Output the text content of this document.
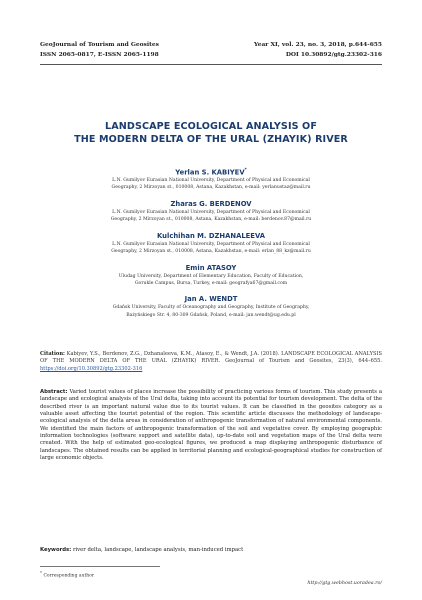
GeoJournal of Tourism and Geosites
ISSN 2065-0817, E-ISSN 2065-1198
Year XI, vol. 23, no. 3, 2018, p.644-655
DOI 10.30892/gtg.23302-316
LANDSCAPE ECOLOGICAL ANALYSIS OF
THE MODERN DELTA OF THE URAL (ZHAYIK) RIVER
Yerlan S. KABIYEV*
L.N. Gumilyov Eurasian National University, Department of Physical and Economical
Geography, 2 Mirzoyan st., 010008, Astana, Kazakhstan, e-mail: yerlanustaz@mail.ru
Zharas G. BERDENOV
L.N. Gumilyov Eurasian National University, Department of Physical and Economical
Geography, 2 Mirzoyan st., 010008, Astana, Kazakhstan, e-mail: berdenov.87@mail.ru
Kulchihan M. DZHANALEEVA
L.N. Gumilyov Eurasian National University, Department of Physical and Economical
Geography, 2 Mirzoyan st., 010008, Astana, Kazakhstan, e-mail: erlan_88_kz@mail.ru
Emin ATASOY
Uludag University, Department of Elementary Education, Faculty of Education,
Gorukle Campus, Bursa, Turkey, e-mail: geografya67@gmail.com
Jan A. WENDT
Gdańsk University, Faculty of Oceanography and Geography, Institute of Geography,
Bażyńskiego Str. 4, 80-309 Gdańsk, Poland, e-mail: jan.wendt@ug.edu.pl
Citation: Kabiyev, Y.S., Berdenov, Z.G., Dzhanaleeva, K.M., Atasoy, E., & Wendt, J.A. (2018). LANDSCAPE ECOLOGICAL ANALYSIS OF THE MODERN DELTA OF THE URAL (ZHAYIK) RIVER. GeoJournal of Tourism and Geosites, 23(3), 644–655. https://doi.org/10.30892/gtg.23302-316
Abstract: Varied tourist values of places increase the possibility of practicing various forms of tourism. This study presents a landscape and ecological analysis of the Ural delta, taking into account its potential for tourism development. The delta of the described river is an important natural value due to its tourist values. It can be classified in the geosites category as a valuable asset affecting the tourist potential of the region. This scientific article discusses the methodology of landscape-ecological analysis of the delta areas in consideration of anthropogenic transformation of natural environmental components. We identified the main factors of anthropogenic transformation of the soil and vegetative cover. By employing geographic information technologies (software support and satellite data), up-to-date soil and vegetation maps of the Ural delta were created. With the help of estimated geo-ecological figures, we produced a map displaying anthropogenic disturbance of landscapes. The obtained results can be applied in territorial planning and ecological-geographical studies for construction of large economic objects.
Keywords: river delta, landscape, landscape analysis, man-induced impact
* Corresponding author
http://gtg.webhost.uoradea.ro/
